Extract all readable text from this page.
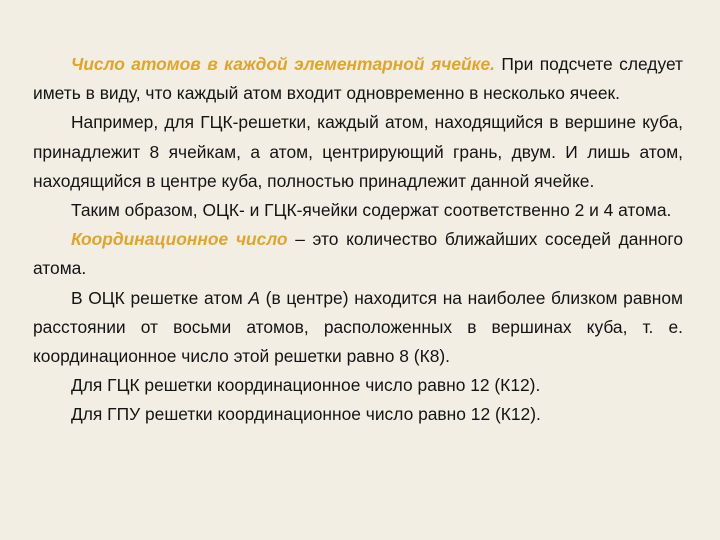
Число атомов в каждой элементарной ячейке. При подсчете следует иметь в виду, что каждый атом входит одновременно в несколько ячеек.

Например, для ГЦК-решетки, каждый атом, находящийся в вершине куба, принадлежит 8 ячейкам, а атом, центрирующий грань, двум. И лишь атом, находящийся в центре куба, полностью принадлежит данной ячейке.

Таким образом, ОЦК- и ГЦК-ячейки содержат соответственно 2 и 4 атома.

Координационное число – это количество ближайших соседей данного атома.

В ОЦК решетке атом A (в центре) находится на наиболее близком равном расстоянии от восьми атомов, расположенных в вершинах куба, т. е. координационное число этой решетки равно 8 (К8).

Для ГЦК решетки координационное число равно 12 (К12).

Для ГПУ решетки координационное число равно 12 (К12).
